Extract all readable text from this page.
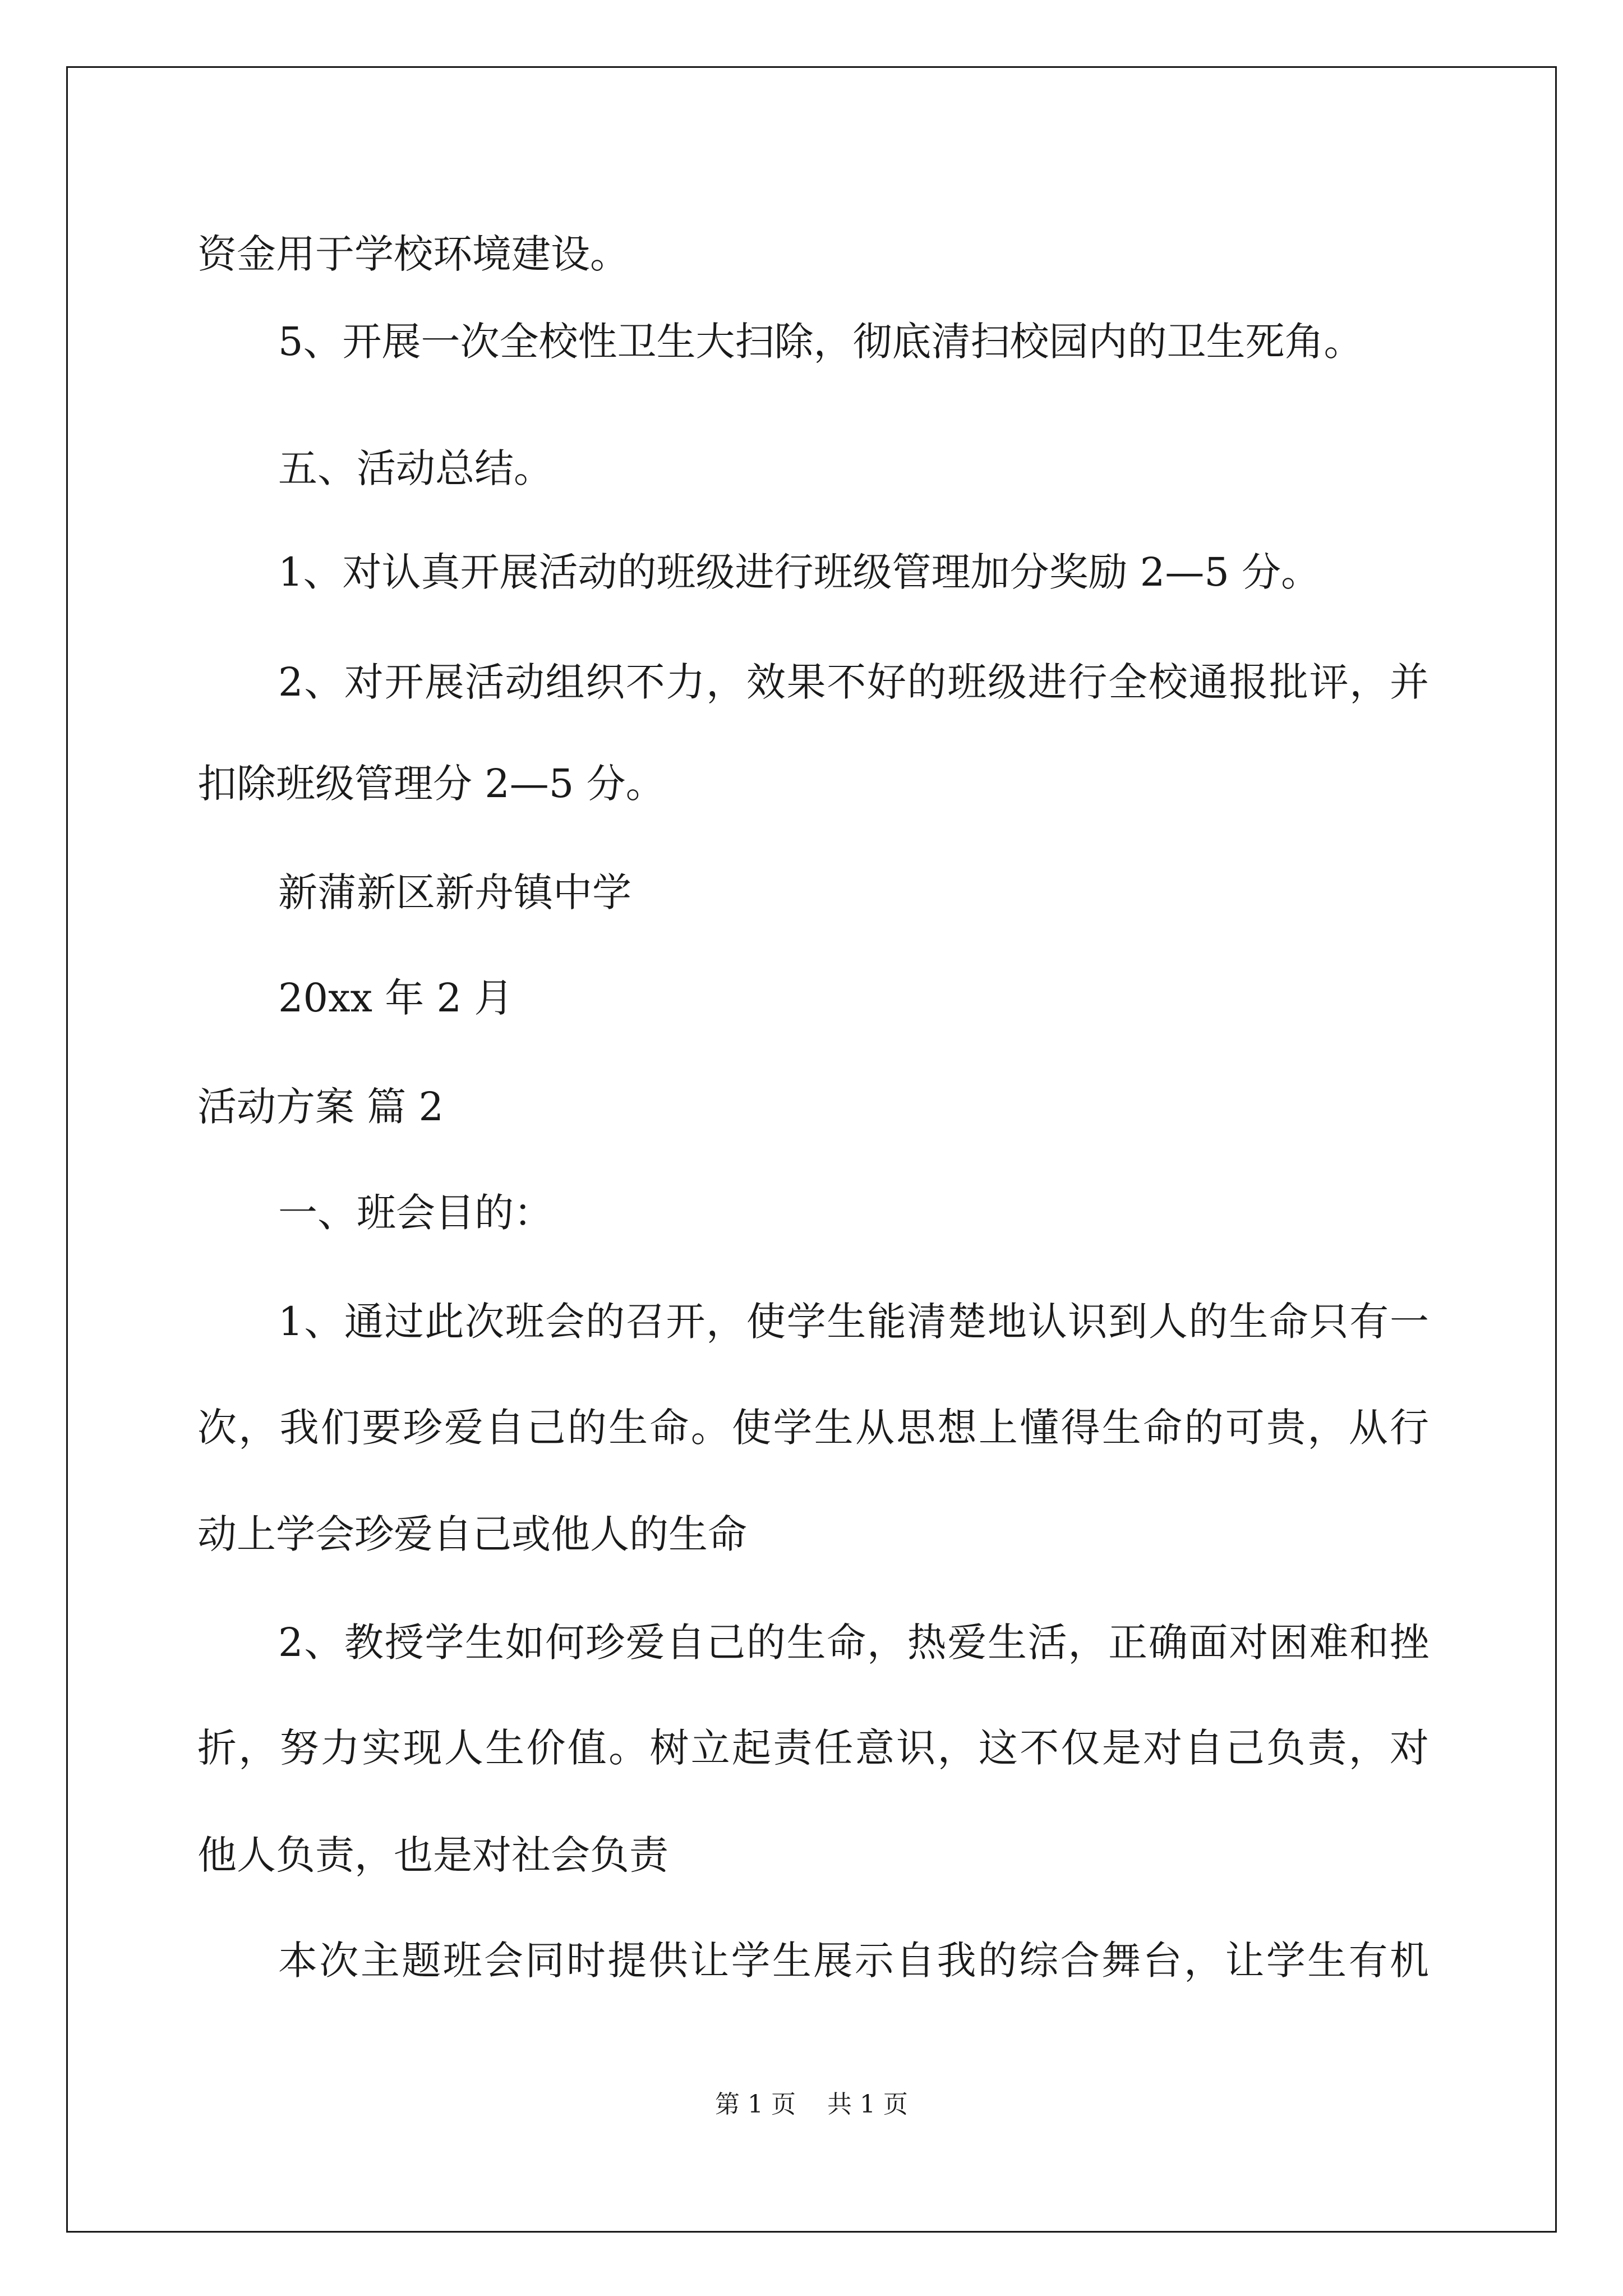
资金用于学校环境建设。
5、开展一次全校性卫生大扫除，彻底清扫校园内的卫生死角。
五、活动总结。
1、对认真开展活动的班级进行班级管理加分奖励 2—5 分。
2、对开展活动组织不力，效果不好的班级进行全校通报批评，并
扣除班级管理分 2—5 分。
新蒲新区新舟镇中学
20xx 年 2 月
活动方案 篇 2
一、班会目的：
1、通过此次班会的召开，使学生能清楚地认识到人的生命只有一
次，我们要珍爱自己的生命。使学生从思想上懂得生命的可贵，从行
动上学会珍爱自己或他人的生命
2、教授学生如何珍爱自己的生命，热爱生活，正确面对困难和挫
折，努力实现人生价值。树立起责任意识，这不仅是对自己负责，对
他人负责，也是对社会负责
本次主题班会同时提供让学生展示自我的综合舞台，让学生有机
第 1 页    共 1 页
